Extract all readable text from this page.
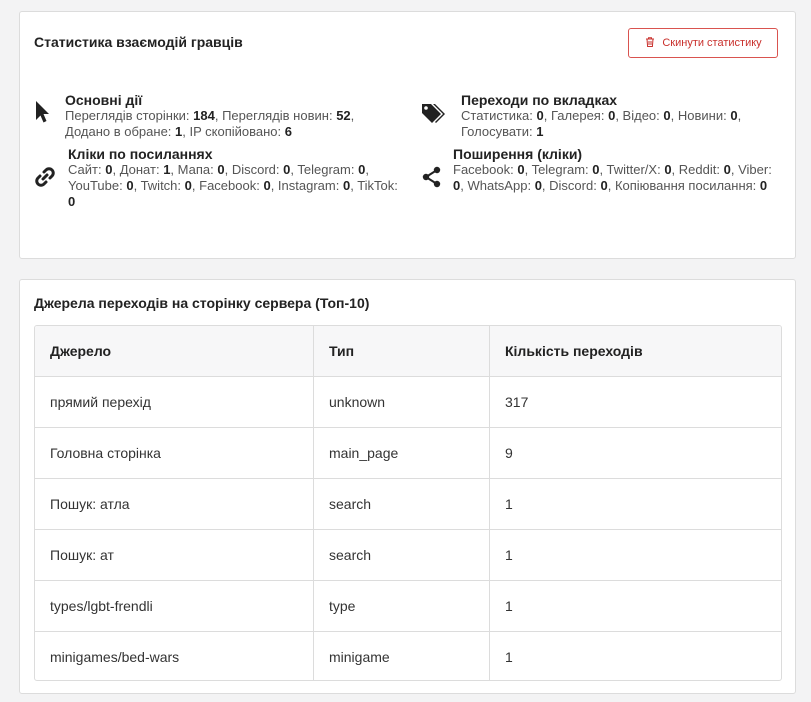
Статистика взаємодій гравців	Скинути статистику
Основні дії
Переглядів сторінки: 184, Переглядів новин: 52, Додано в обране: 1, IP скопійовано: 6
Переходи по вкладках
Статистика: 0, Галерея: 0, Відео: 0, Новини: 0, Голосувати: 1
Кліки по посиланнях
Сайт: 0, Донат: 1, Мапа: 0, Discord: 0, Telegram: 0, YouTube: 0, Twitch: 0, Facebook: 0, Instagram: 0, TikTok: 0
Поширення (кліки)
Facebook: 0, Telegram: 0, Twitter/X: 0, Reddit: 0, Viber: 0, WhatsApp: 0, Discord: 0, Копіювання посилання: 0
Джерела переходів на сторінку сервера (Топ-10)
Джерело	Тип	Кількість переходів
прямий перехід	unknown	317
Головна сторінка	main_page	9
Пошук: атла	search	1
Пошук: ат	search	1
types/lgbt-frendli	type	1
minigames/bed-wars	minigame	1
